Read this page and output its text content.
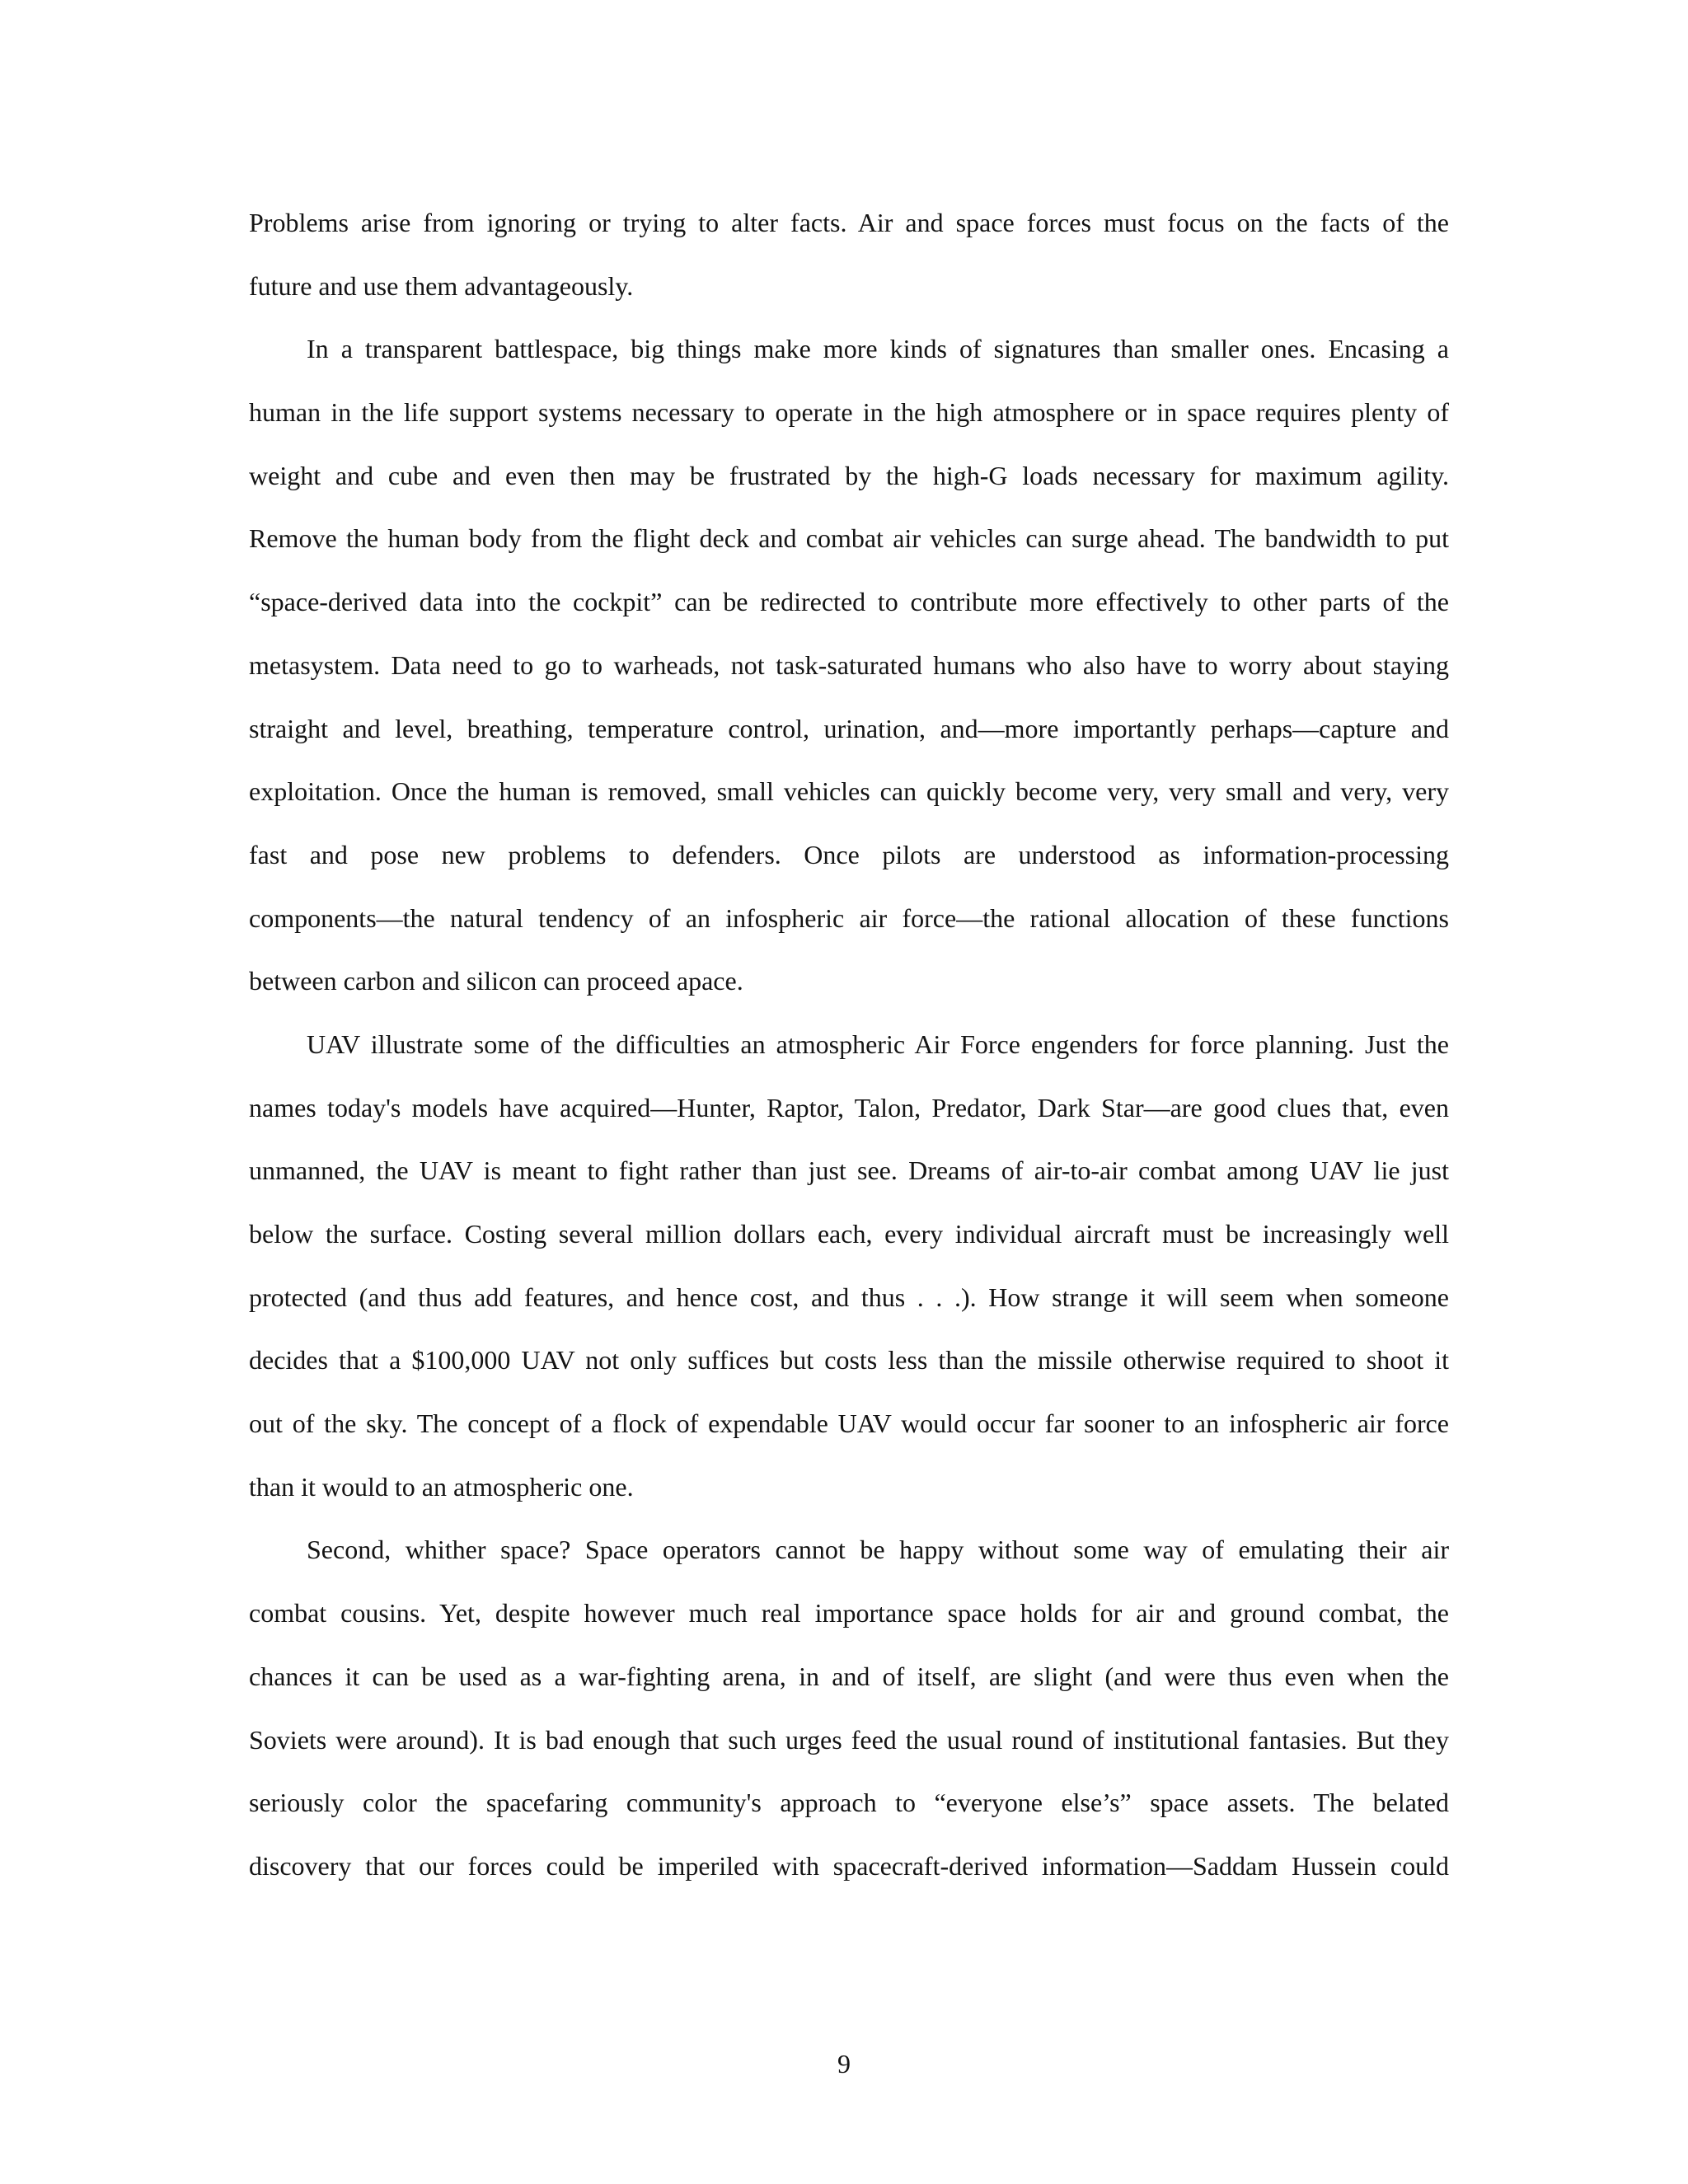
Problems arise from ignoring or trying to alter facts. Air and space forces must focus on the facts of the
future and use them advantageously.
In a transparent battlespace, big things make more kinds of signatures than smaller ones. Encasing a
human in the life support systems necessary to operate in the high atmosphere or in space requires plenty of
weight and cube and even then may be frustrated by the high-G loads necessary for maximum agility.
Remove the human body from the flight deck and combat air vehicles can surge ahead. The bandwidth to put
“space-derived data into the cockpit” can be redirected to contribute more effectively to other parts of the
metasystem. Data need to go to warheads, not task-saturated humans who also have to worry about staying
straight and level, breathing, temperature control, urination, and—more importantly perhaps—capture and
exploitation. Once the human is removed, small vehicles can quickly become very, very small and very, very
fast and pose new problems to defenders. Once pilots are understood as information-processing
components—the natural tendency of an infospheric air force—the rational allocation of these functions
between carbon and silicon can proceed apace.
UAV illustrate some of the difficulties an atmospheric Air Force engenders for force planning. Just the
names today's models have acquired—Hunter, Raptor, Talon, Predator, Dark Star—are good clues that, even
unmanned, the UAV is meant to fight rather than just see. Dreams of air-to-air combat among UAV lie just
below the surface. Costing several million dollars each, every individual aircraft must be increasingly well
protected (and thus add features, and hence cost, and thus . . .). How strange it will seem when someone
decides that a $100,000 UAV not only suffices but costs less than the missile otherwise required to shoot it
out of the sky. The concept of a flock of expendable UAV would occur far sooner to an infospheric air force
than it would to an atmospheric one.
Second, whither space? Space operators cannot be happy without some way of emulating their air
combat cousins. Yet, despite however much real importance space holds for air and ground combat, the
chances it can be used as a war-fighting arena, in and of itself, are slight (and were thus even when the
Soviets were around). It is bad enough that such urges feed the usual round of institutional fantasies. But they
seriously color the spacefaring community's approach to “everyone else’s” space assets. The belated
discovery that our forces could be imperiled with spacecraft-derived information—Saddam Hussein could
9
